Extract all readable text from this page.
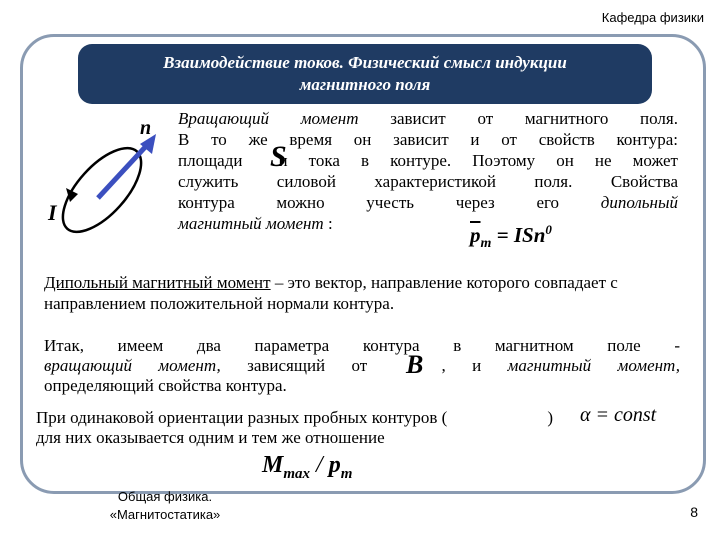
Кафедра физики
Взаимодействие токов. Физический смысл индукции
магнитного поля
n
I
Вращающий момент зависит от магнитного поля.
В то же время он зависит и от свойств контура:
площади и тока в контуре. Поэтому он не может
служить силовой характеристикой поля. Свойства
контура можно учесть через его дипольный
магнитный момент :
S
$\overline{p}_m = ISn^0$
Дипольный магнитный момент – это вектор, направление которого совпадает с направлением положительной нормали контура.
Итак, имеем два параметра контура в магнитном поле -
вращающий момент, зависящий от	, и магнитный момент,
определяющий свойства контура.
B
При одинаковой ориентации разных пробных контуров (	)
для них оказывается одним и тем же отношение
α = const
$M_{max} / p_m$
Общая физика.
«Магнитостатика»	8
